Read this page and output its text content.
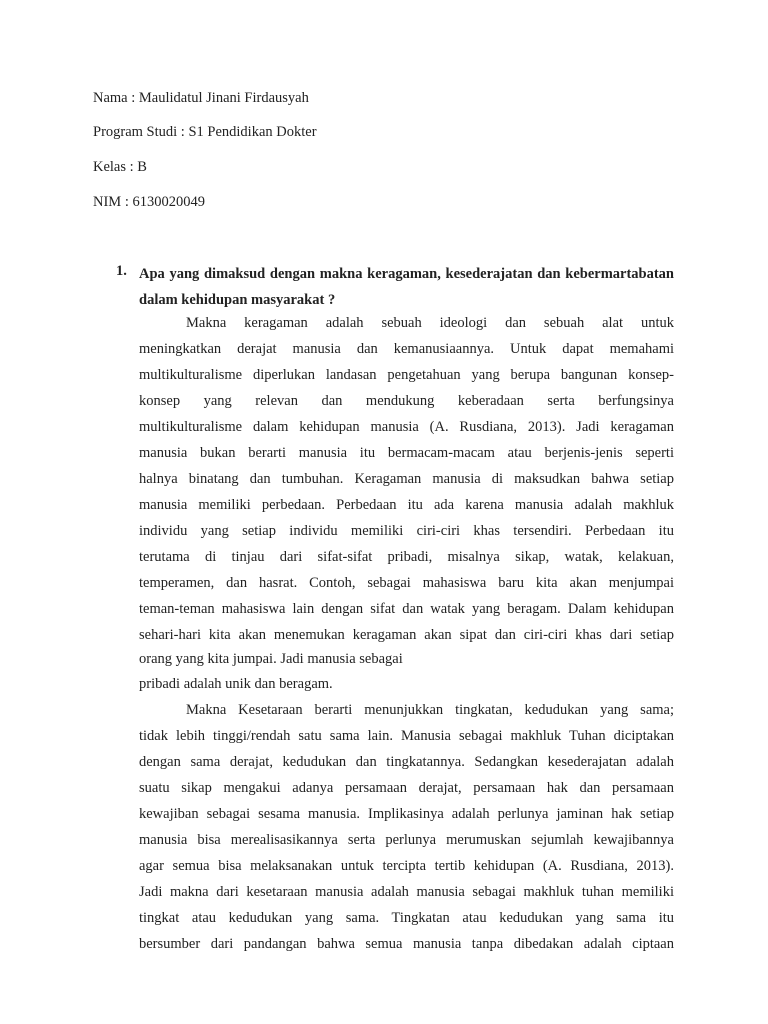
Nama : Maulidatul Jinani Firdausyah
Program Studi : S1 Pendidikan Dokter
Kelas : B
NIM : 6130020049
1. Apa yang dimaksud dengan makna keragaman, kesederajatan dan kebermartabatan dalam kehidupan masyarakat ?
Makna keragaman adalah sebuah ideologi dan sebuah alat untuk
meningkatkan derajat manusia dan kemanusiaannya. Untuk dapat memahami
multikulturalisme diperlukan landasan pengetahuan yang berupa bangunan konsep-
konsep yang relevan dan mendukung keberadaan serta berfungsinya
multikulturalisme dalam kehidupan manusia (A. Rusdiana, 2013). Jadi keragaman
manusia bukan berarti manusia itu bermacam-macam atau berjenis-jenis seperti
halnya binatang dan tumbuhan. Keragaman manusia di maksudkan bahwa setiap
manusia memiliki perbedaan. Perbedaan itu ada karena manusia adalah makhluk
individu yang setiap individu memiliki ciri-ciri khas tersendiri. Perbedaan itu
terutama di tinjau dari sifat-sifat pribadi, misalnya sikap, watak, kelakuan,
temperamen, dan hasrat. Contoh, sebagai mahasiswa baru kita akan menjumpai
teman-teman mahasiswa lain dengan sifat dan watak yang beragam. Dalam kehidupan
sehari-hari kita akan menemukan keragaman akan sipat dan ciri-ciri khas dari setiap
orang yang kita jumpai. Jadi manusia sebagai
pribadi adalah unik dan beragam.
Makna Kesetaraan berarti menunjukkan tingkatan, kedudukan yang sama;
tidak lebih tinggi/rendah satu sama lain. Manusia sebagai makhluk Tuhan diciptakan
dengan sama derajat, kedudukan dan tingkatannya. Sedangkan kesederajatan adalah
suatu sikap mengakui adanya persamaan derajat, persamaan hak dan persamaan
kewajiban sebagai sesama manusia. Implikasinya adalah perlunya jaminan hak setiap
manusia bisa merealisasikannya serta perlunya merumuskan sejumlah kewajibannya
agar semua bisa melaksanakan untuk tercipta tertib kehidupan (A. Rusdiana, 2013).
Jadi makna dari kesetaraan manusia adalah manusia sebagai makhluk tuhan memiliki
tingkat atau kedudukan yang sama. Tingkatan atau kedudukan yang sama itu
bersumber dari pandangan bahwa semua manusia tanpa dibedakan adalah ciptaan
